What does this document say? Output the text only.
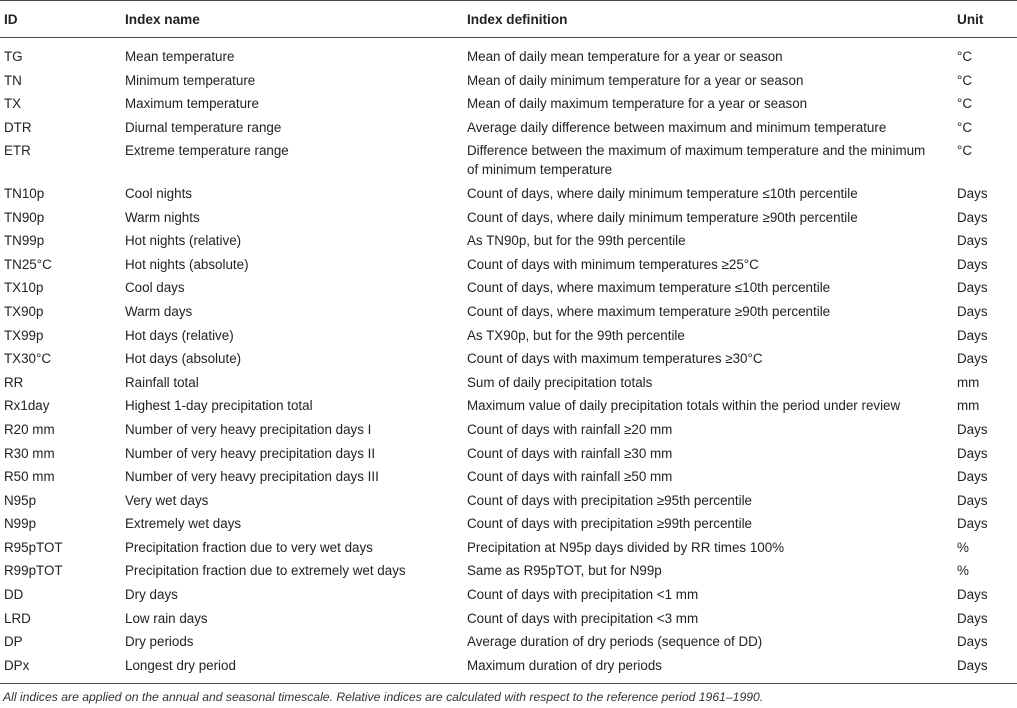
ID	Index name	Index definition	Unit
TG	Mean temperature	Mean of daily mean temperature for a year or season	°C
TN	Minimum temperature	Mean of daily minimum temperature for a year or season	°C
TX	Maximum temperature	Mean of daily maximum temperature for a year or season	°C
DTR	Diurnal temperature range	Average daily difference between maximum and minimum temperature	°C
ETR	Extreme temperature range	Difference between the maximum of maximum temperature and the minimum of minimum temperature	°C
TN10p	Cool nights	Count of days, where daily minimum temperature ≤10th percentile	Days
TN90p	Warm nights	Count of days, where daily minimum temperature ≥90th percentile	Days
TN99p	Hot nights (relative)	As TN90p, but for the 99th percentile	Days
TN25°C	Hot nights (absolute)	Count of days with minimum temperatures ≥25°C	Days
TX10p	Cool days	Count of days, where maximum temperature ≤10th percentile	Days
TX90p	Warm days	Count of days, where maximum temperature ≥90th percentile	Days
TX99p	Hot days (relative)	As TX90p, but for the 99th percentile	Days
TX30°C	Hot days (absolute)	Count of days with maximum temperatures ≥30°C	Days
RR	Rainfall total	Sum of daily precipitation totals	mm
Rx1day	Highest 1-day precipitation total	Maximum value of daily precipitation totals within the period under review	mm
R20 mm	Number of very heavy precipitation days I	Count of days with rainfall ≥20 mm	Days
R30 mm	Number of very heavy precipitation days II	Count of days with rainfall ≥30 mm	Days
R50 mm	Number of very heavy precipitation days III	Count of days with rainfall ≥50 mm	Days
N95p	Very wet days	Count of days with precipitation ≥95th percentile	Days
N99p	Extremely wet days	Count of days with precipitation ≥99th percentile	Days
R95pTOT	Precipitation fraction due to very wet days	Precipitation at N95p days divided by RR times 100%	%
R99pTOT	Precipitation fraction due to extremely wet days	Same as R95pTOT, but for N99p	%
DD	Dry days	Count of days with precipitation <1 mm	Days
LRD	Low rain days	Count of days with precipitation <3 mm	Days
DP	Dry periods	Average duration of dry periods (sequence of DD)	Days
DPx	Longest dry period	Maximum duration of dry periods	Days
All indices are applied on the annual and seasonal timescale. Relative indices are calculated with respect to the reference period 1961–1990.
